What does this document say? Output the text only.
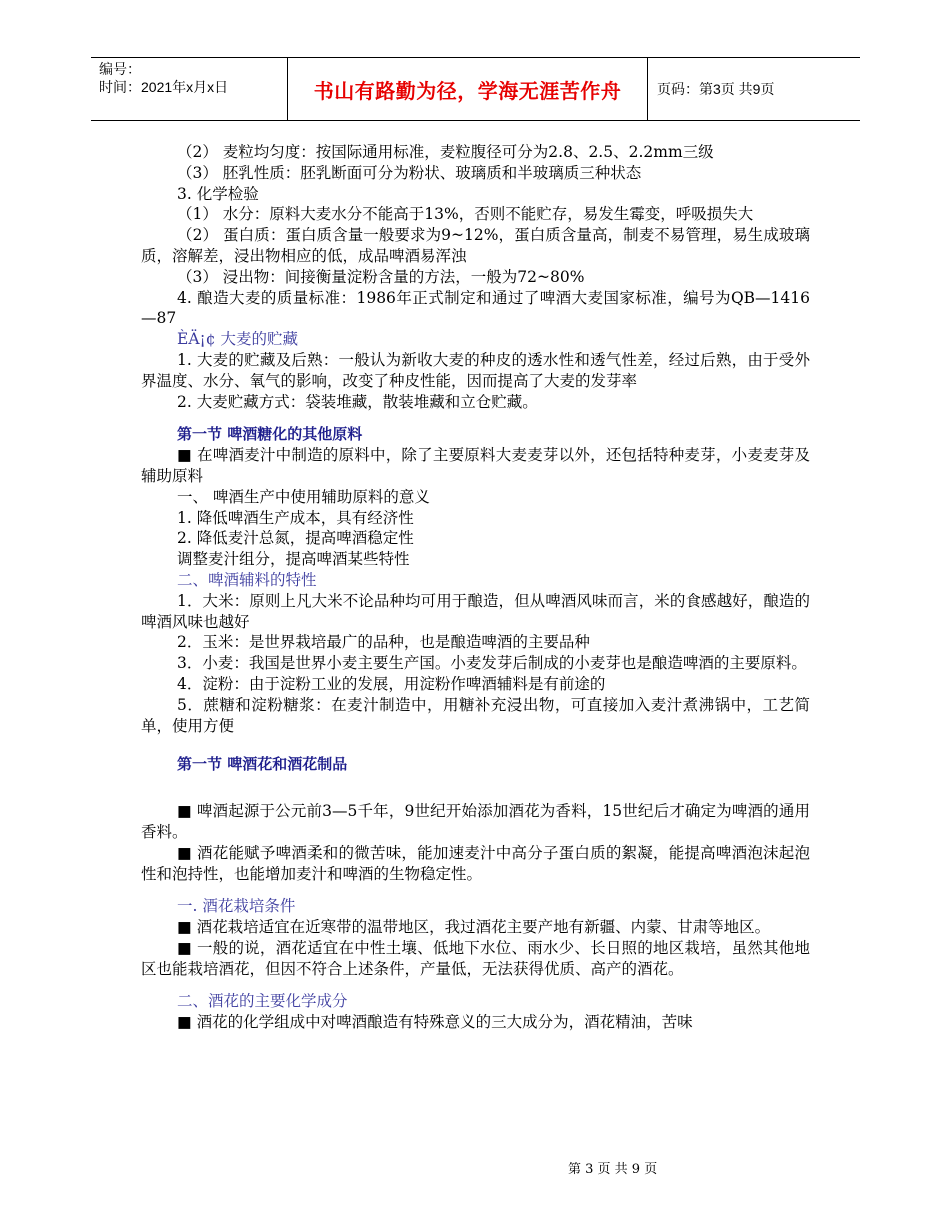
编号：
时间：2021年x月x日	书山有路勤为径，学海无涯苦作舟	页码：第3页 共9页

（2） 麦粒均匀度：按国际通用标准，麦粒腹径可分为2.8、2.5、2.2mm三级

（3） 胚乳性质：胚乳断面可分为粉状、玻璃质和半玻璃质三种状态

3. 化学检验

（1） 水分：原料大麦水分不能高于13%，否则不能贮存，易发生霉变，呼吸损失大

（2） 蛋白质：蛋白质含量一般要求为9~12%，蛋白质含量高，制麦不易管理，易生成玻璃质，溶解差，浸出物相应的低，成品啤酒易浑浊

（3） 浸出物：间接衡量淀粉含量的方法，一般为72~80%

4. 酿造大麦的质量标准：1986年正式制定和通过了啤酒大麦国家标准，编号为QB—1416—87

ÈÄ¡¢ 大麦的贮藏

1. 大麦的贮藏及后熟：一般认为新收大麦的种皮的透水性和透气性差，经过后熟，由于受外界温度、水分、氧气的影响，改变了种皮性能，因而提高了大麦的发芽率

2. 大麦贮藏方式：袋装堆藏，散装堆藏和立仓贮藏。

第一节 啤酒糖化的其他原料

■ 在啤酒麦汁中制造的原料中，除了主要原料大麦麦芽以外，还包括特种麦芽，小麦麦芽及辅助原料

一、 啤酒生产中使用辅助原料的意义

1. 降低啤酒生产成本，具有经济性

2. 降低麦汁总氮，提高啤酒稳定性

调整麦汁组分，提高啤酒某些特性

二、啤酒辅料的特性

1．大米：原则上凡大米不论品种均可用于酿造，但从啤酒风味而言，米的食感越好，酿造的啤酒风味也越好

2．玉米：是世界栽培最广的品种，也是酿造啤酒的主要品种

3．小麦：我国是世界小麦主要生产国。小麦发芽后制成的小麦芽也是酿造啤酒的主要原料。

4．淀粉：由于淀粉工业的发展，用淀粉作啤酒辅料是有前途的

5．蔗糖和淀粉糖浆：在麦汁制造中，用糖补充浸出物，可直接加入麦汁煮沸锅中，工艺简单，使用方便

第一节 啤酒花和酒花制品

■ 啤酒起源于公元前3—5千年，9世纪开始添加酒花为香料，15世纪后才确定为啤酒的通用香料。

■ 酒花能赋予啤酒柔和的微苦味，能加速麦汁中高分子蛋白质的絮凝，能提高啤酒泡沫起泡性和泡持性，也能增加麦汁和啤酒的生物稳定性。

一. 酒花栽培条件

■ 酒花栽培适宜在近寒带的温带地区，我过酒花主要产地有新疆、内蒙、甘肃等地区。

■ 一般的说，酒花适宜在中性土壤、低地下水位、雨水少、长日照的地区栽培，虽然其他地区也能栽培酒花，但因不符合上述条件，产量低，无法获得优质、高产的酒花。

二、酒花的主要化学成分

■ 酒花的化学组成中对啤酒酿造有特殊意义的三大成分为，酒花精油，苦味

第 3 页 共 9 页
